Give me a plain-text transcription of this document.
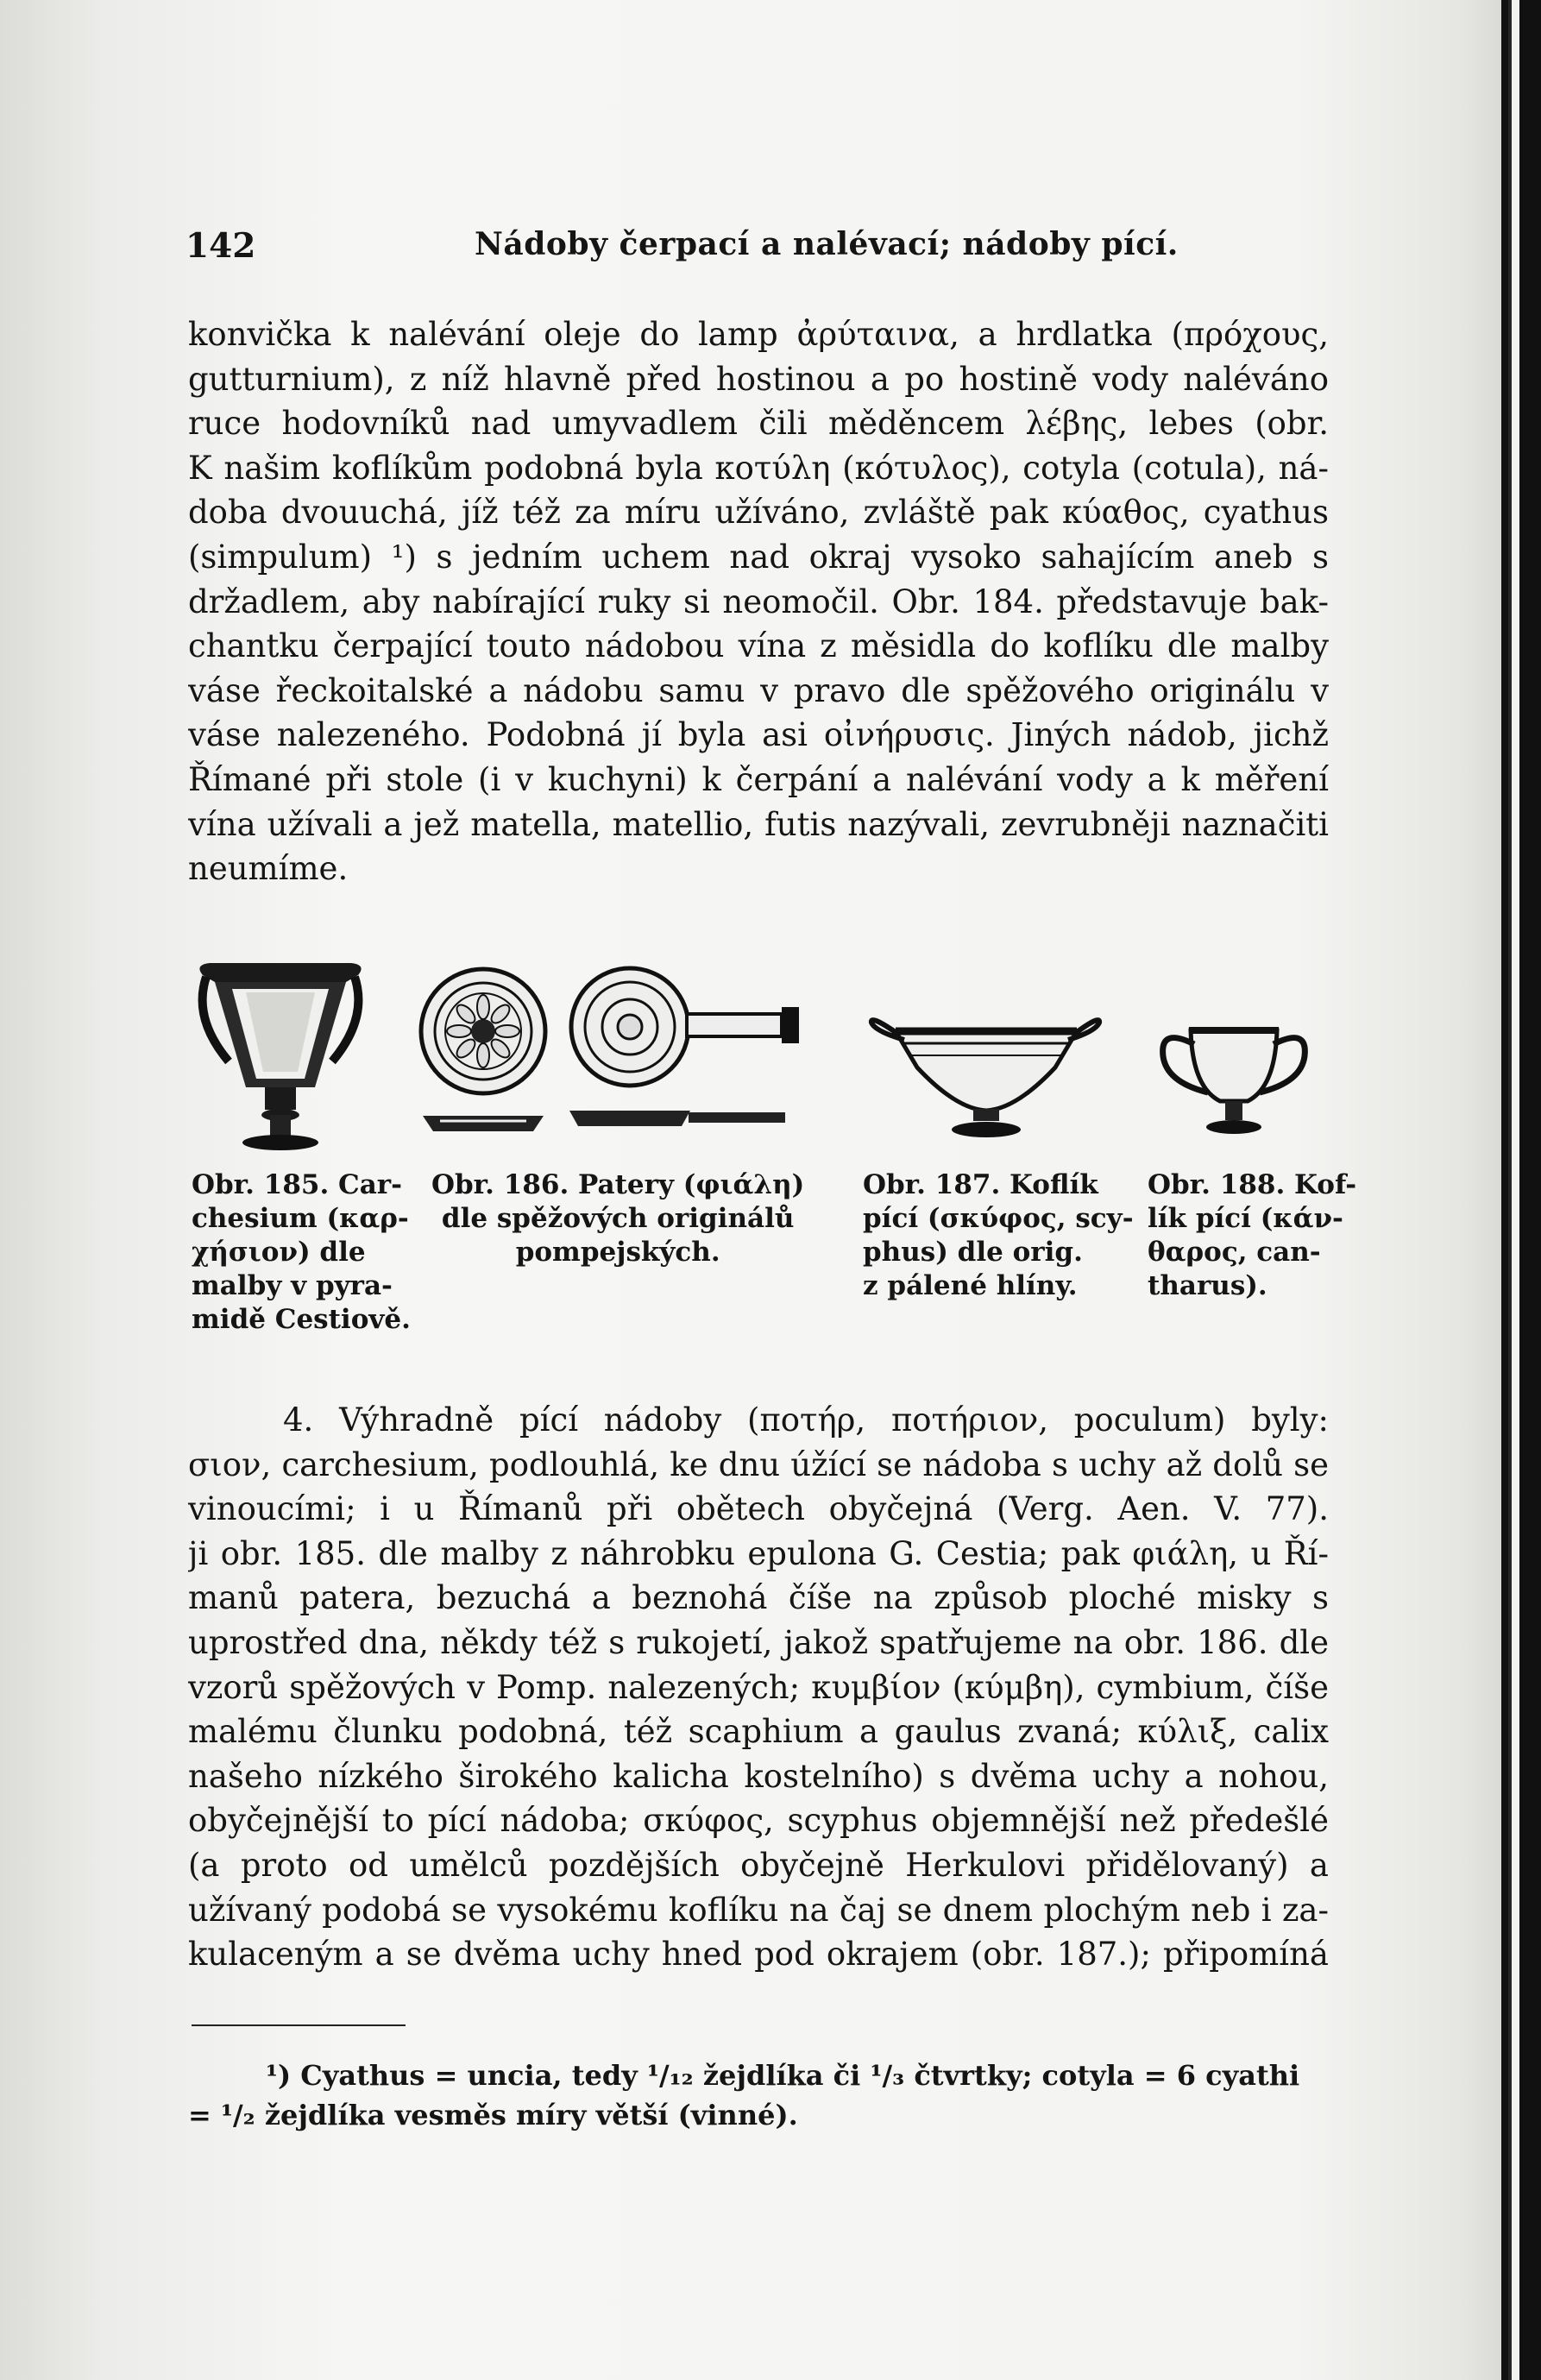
142	Nádoby čerpací a nalévací; nádoby pící.
konvička k nalévání oleje do lamp ἀρύταινα, a hrdlatka (πρόχους,
gutturnium), z níž hlavně před hostinou a po hostině vody naléváno
ruce hodovníků nad umyvadlem čili měděncem λέβης, lebes (obr.
K našim koflíkům podobná byla κοτύλη (κότυλος), cotyla (cotula), ná-
doba dvouuchá, jíž též za míru užíváno, zvláště pak κύαθος, cyathus
(simpulum) ¹) s jedním uchem nad okraj vysoko sahajícím aneb s
držadlem, aby nabírající ruky si neomočil. Obr. 184. představuje bak-
chantku čerpající touto nádobou vína z měsidla do koflíku dle malby
váse řeckoitalské a nádobu samu v pravo dle spěžového originálu v
váse nalezeného. Podobná jí byla asi οἰνήρυσις. Jiných nádob, jichž
Římané při stole (i v kuchyni) k čerpání a nalévání vody a k měření
vína užívali a jež matella, matellio, futis nazývali, zevrubněji naznačiti
neumíme.
Obr. 185. Car-
chesium (καρ-
χήσιον) dle
malby v pyra-
midě Cestiově.
Obr. 186. Patery (φιάλη)
dle spěžových originálů
pompejských.
Obr. 187. Koflík
pící (σκύφος, scy-
phus) dle orig.
z pálené hlíny.
Obr. 188. Kof-
lík pící (κάν-
θαρος, can-
tharus).
4. Výhradně pící nádoby (ποτήρ, ποτήριον, poculum) byly:
σιον, carchesium, podlouhlá, ke dnu úžící se nádoba s uchy až dolů se
vinoucími; i u Římanů při obětech obyčejná (Verg. Aen. V. 77).
ji obr. 185. dle malby z náhrobku epulona G. Cestia; pak φιάλη, u Ří-
manů patera, bezuchá a beznohá číše na způsob ploché misky s
uprostřed dna, někdy též s rukojetí, jakož spatřujeme na obr. 186. dle
vzorů spěžových v Pomp. nalezených; κυμβίον (κύμβη), cymbium, číše
malému člunku podobná, též scaphium a gaulus zvaná; κύλιξ, calix
našeho nízkého širokého kalicha kostelního) s dvěma uchy a nohou,
obyčejnější to pící nádoba; σκύφος, scyphus objemnější než předešlé
(a proto od umělců pozdějších obyčejně Herkulovi přidělovaný) a
užívaný podobá se vysokému koflíku na čaj se dnem plochým neb i za-
kulaceným a se dvěma uchy hned pod okrajem (obr. 187.); připomíná
¹) Cyathus = uncia, tedy ¹/₁₂ žejdlíka či ¹/₃ čtvrtky; cotyla = 6 cyathi
= ¹/₂ žejdlíka vesměs míry větší (vinné).
